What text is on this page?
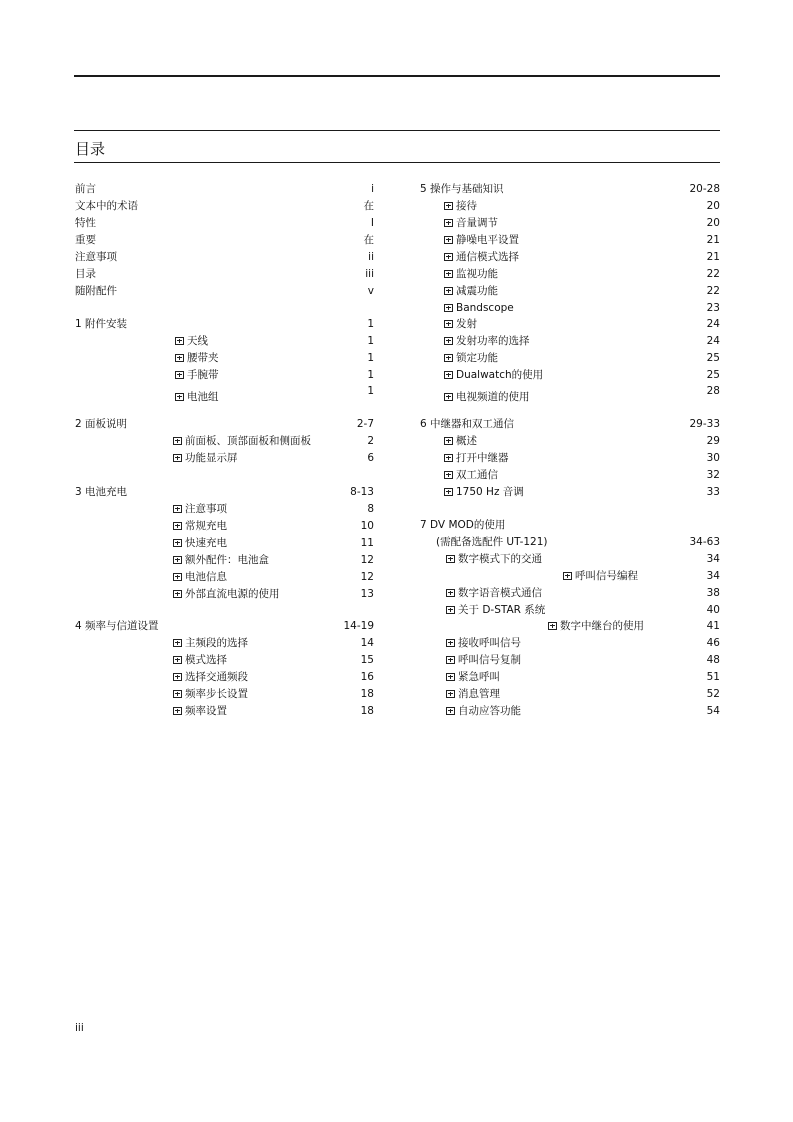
目录
前言	i
文本中的术语	在
特性	I
重要	在
注意事项	ii
目录	iii
随附配件	v
1 附件安装	1
天线	1
腰带夹	1
手腕带	1
电池组	1
2 面板说明	2-7
前面板、顶部面板和侧面板	2
功能显示屏	6
3 电池充电	8-13
注意事项	8
常规充电	10
快速充电	11
额外配件：电池盒	12
电池信息	12
外部直流电源的使用	13
4 频率与信道设置	14-19
主频段的选择	14
模式选择	15
选择交通频段	16
频率步长设置	18
频率设置	18
5 操作与基础知识	20-28
接待	20
音量调节	20
静噪电平设置	21
通信模式选择	21
监视功能	22
减震功能	22
Bandscope	23
发射	24
发射功率的选择	24
锁定功能	25
Dualwatch的使用	25
电视频道的使用	28
6 中继器和双工通信	29-33
概述	29
打开中继器	30
双工通信	32
1750 Hz 音调	33
7 DV MOD的使用
(需配备选配件 UT-121)	34-63
数字模式下的交通	34
呼叫信号编程	34
数字语音模式通信	38
关于 D-STAR 系统	40
数字中继台的使用	41
接收呼叫信号	46
呼叫信号复制	48
紧急呼叫	51
消息管理	52
自动应答功能	54
iii
